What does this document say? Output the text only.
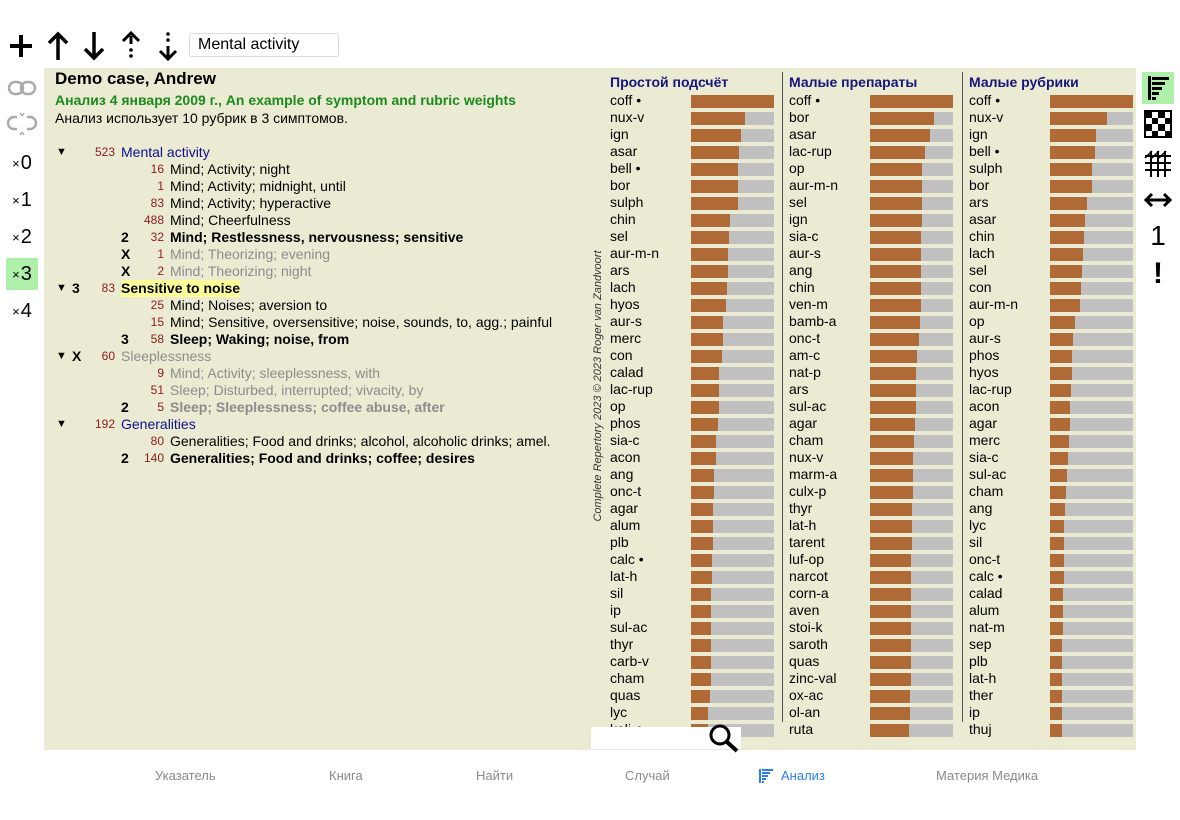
Mental activity
× 0
× 1
× 2
× 3
× 4
Demo case, Andrew
Анализ 4 января 2009 г., An example of symptom and rubric weights
Анализ использует 10 рубрик в 3 симптомов.
▼	523 Mental activity
16 Mind; Activity; night
1 Mind; Activity; midnight, until
83 Mind; Activity; hyperactive
488 Mind; Cheerfulness
2	32 Mind; Restlessness, nervousness; sensitive
X	1 Mind; Theorizing; evening
X	2 Mind; Theorizing; night
▼ 3	83 Sensitive to noise
25 Mind; Noises; aversion to
15 Mind; Sensitive, oversensitive; noise, sounds, to, agg.; painful
3	58 Sleep; Waking; noise, from
▼ X	60 Sleeplessness
9 Mind; Activity; sleeplessness, with
51 Sleep; Disturbed, interrupted; vivacity, by
2	5 Sleep; Sleeplessness; coffee abuse, after
▼	192 Generalities
80 Generalities; Food and drinks; alcohol, alcoholic drinks; amel.
2	140 Generalities; Food and drinks; coffee; desires	Complete Repertory 2023 © 2023 Roger van Zandvoort
Простой подсчёт
coff •
nux-v
ign
asar
bell •
bor
sulph
chin
sel
aur-m-n
ars
lach
hyos
aur-s
merc
con
calad
lac-rup
op
phos
sia-c
acon
ang
onc-t
agar
alum
plb
calc •
lat-h
sil
ip
sul-ac
thyr
carb-v
cham
quas
lyc
Малые препараты
coff •
bor
asar
lac-rup
op
aur-m-n
sel
ign
sia-c
aur-s
ang
chin
ven-m
bamb-a
onc-t
am-c
nat-p
ars
sul-ac
agar
cham
nux-v
marm-a
culx-p
thyr
lat-h
tarent
luf-op
narcot
corn-a
aven
stoi-k
saroth
quas
zinc-val
ox-ac
ol-an
ruta
Малые рубрики
coff •
nux-v
ign
bell •
sulph
bor
ars
asar
chin
lach
sel
con
aur-m-n
op
aur-s
phos
hyos
lac-rup
acon
agar
merc
sia-c
sul-ac
cham
ang
lyc
sil
onc-t
calc •
calad
alum
nat-m
sep
plb
lat-h
ther
ip
thuj
1
!
Указатель	Книга	Найти	Случай	Анализ	Материя Медика
